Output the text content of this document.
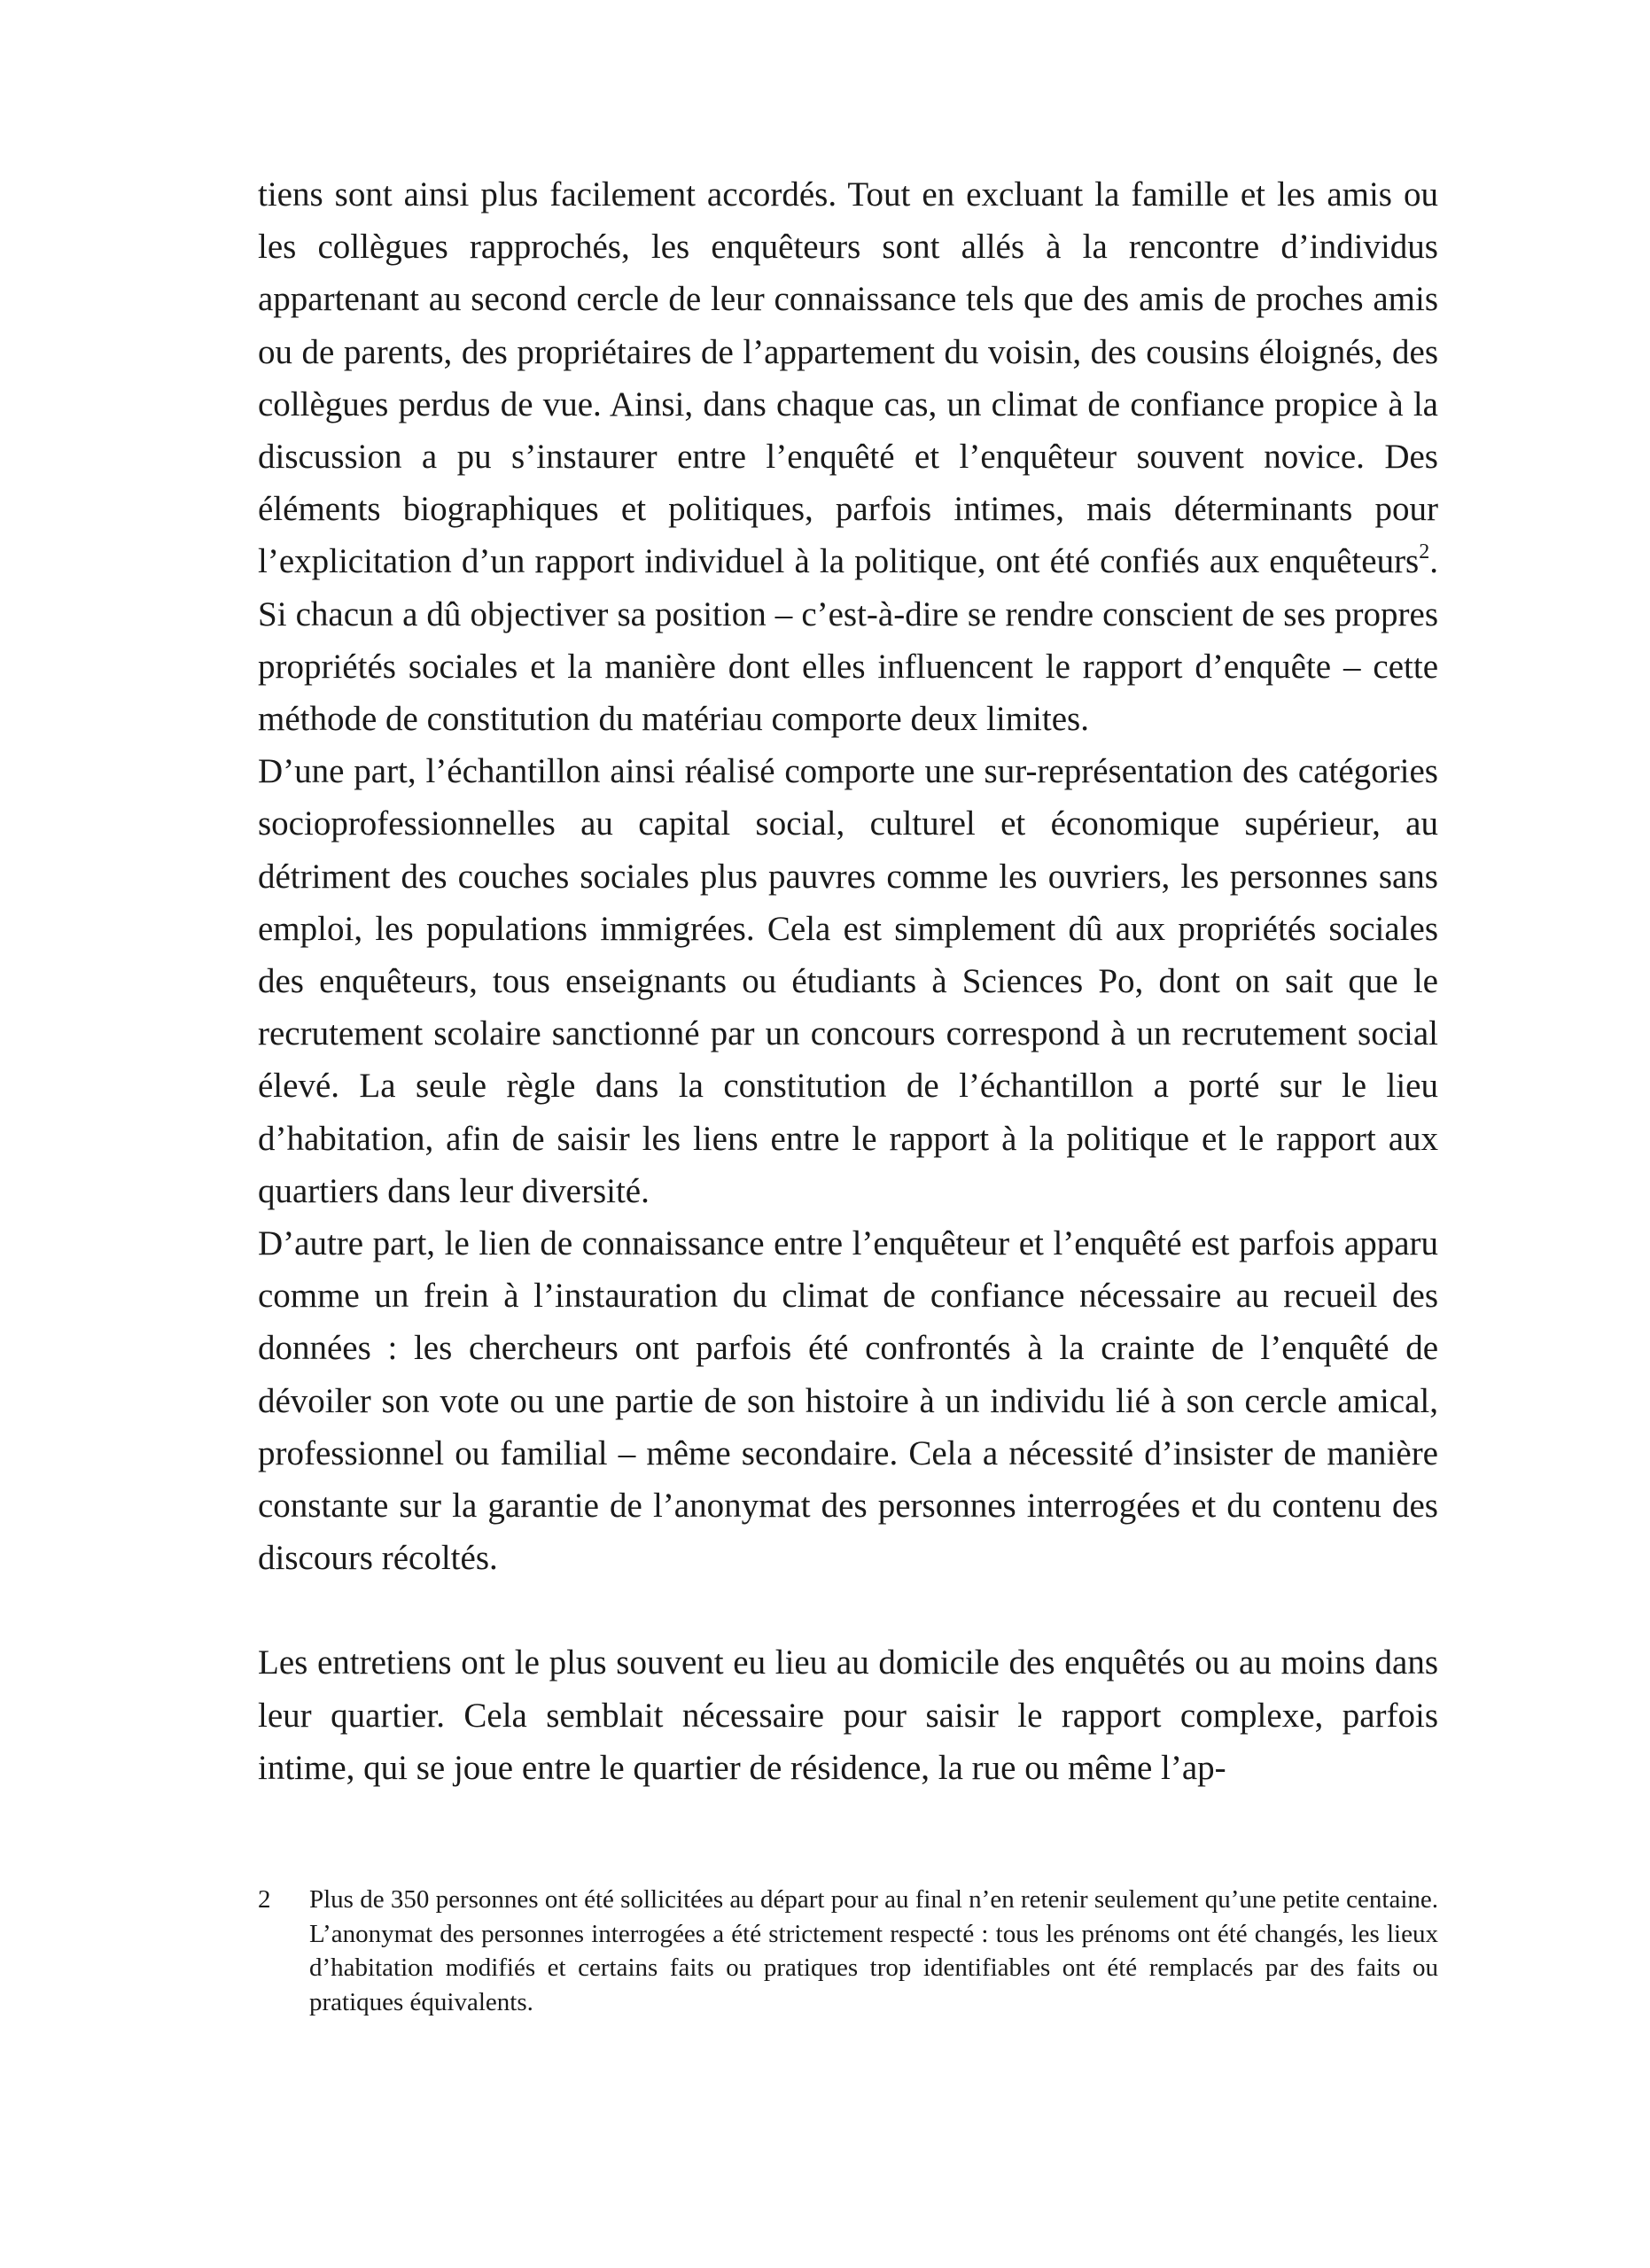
tiens sont ainsi plus facilement accordés. Tout en excluant la famille et les amis ou les collègues rapprochés, les enquêteurs sont allés à la rencontre d’individus appartenant au second cercle de leur connaissance tels que des amis de proches amis ou de parents, des propriétaires de l’appartement du voisin, des cousins éloignés, des collègues perdus de vue. Ainsi, dans chaque cas, un climat de confiance propice à la discussion a pu s’instaurer entre l’enquêté et l’enquêteur souvent novice. Des éléments biographiques et politiques, parfois intimes, mais déterminants pour l’explicitation d’un rapport individuel à la politique, ont été confiés aux enquêteurs$^2$. Si chacun a dû objectiver sa position – c’est-à-dire se rendre conscient de ses propres propriétés sociales et la manière dont elles influencent le rapport d’enquête – cette méthode de constitution du matériau comporte deux limites.

D’une part, l’échantillon ainsi réalisé comporte une sur-représentation des catégories socioprofessionnelles au capital social, culturel et économique supérieur, au détriment des couches sociales plus pauvres comme les ouvriers, les personnes sans emploi, les populations immigrées. Cela est simplement dû aux propriétés sociales des enquêteurs, tous enseignants ou étudiants à Sciences Po, dont on sait que le recrutement scolaire sanctionné par un concours correspond à un recrutement social élevé. La seule règle dans la constitution de l’échantillon a porté sur le lieu d’habitation, afin de saisir les liens entre le rapport à la politique et le rapport aux quartiers dans leur diversité.

D’autre part, le lien de connaissance entre l’enquêteur et l’enquêté est parfois apparu comme un frein à l’instauration du climat de confiance nécessaire au recueil des données : les chercheurs ont parfois été confrontés à la crainte de l’enquêté de dévoiler son vote ou une partie de son histoire à un individu lié à son cercle amical, professionnel ou familial – même secondaire. Cela a nécessité d’insister de manière constante sur la garantie de l’anonymat des personnes interrogées et du contenu des discours récoltés.

Les entretiens ont le plus souvent eu lieu au domicile des enquêtés ou au moins dans leur quartier. Cela semblait nécessaire pour saisir le rapport complexe, parfois intime, qui se joue entre le quartier de résidence, la rue ou même l’ap-

2	Plus de 350 personnes ont été sollicitées au départ pour au final n’en retenir seulement qu’une petite centaine. L’anonymat des personnes interrogées a été strictement respecté : tous les prénoms ont été changés, les lieux d’habitation modifiés et certains faits ou pratiques trop identifiables ont été remplacés par des faits ou pratiques équivalents.
